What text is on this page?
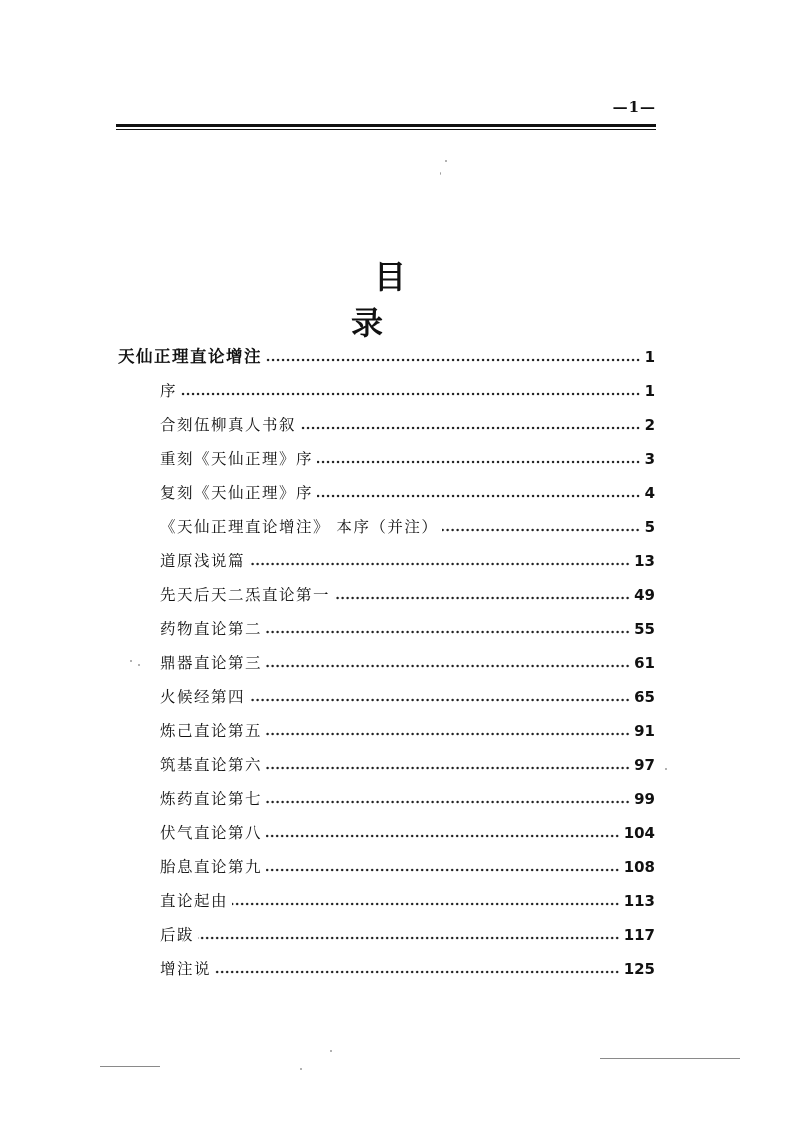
—1—
目录
天仙正理直论增注	1
序	1
合刻伍柳真人书叙	2
重刻《天仙正理》序	3
复刻《天仙正理》序	4
《天仙正理直论增注》 本序（并注）	5
道原浅说篇	13
先天后天二炁直论第一	49
药物直论第二	55
鼎器直论第三	61
火候经第四	65
炼己直论第五	91
筑基直论第六	97
炼药直论第七	99
伏气直论第八	104
胎息直论第九	108
直论起由	113
后跋	117
增注说	125
